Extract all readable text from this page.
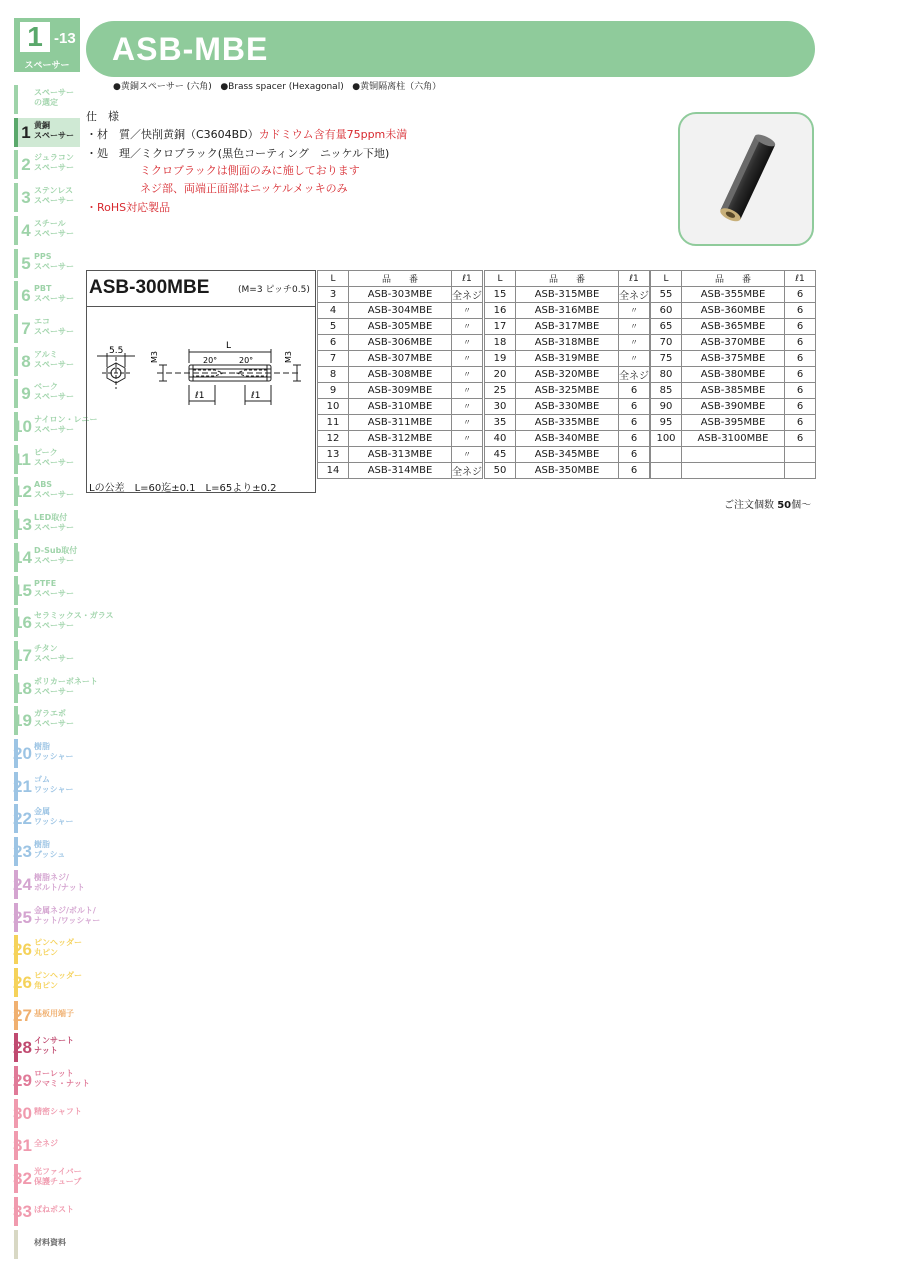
1 -13
スペーサー
スペーサー
の選定
1 黄銅
スペーサー
2 ジュラコン
スペーサー
3 ステンレス
スペーサー
4 スチール
スペーサー
5 PPS
スペーサー
6 PBT
スペーサー
7 エコ
スペーサー
8 アルミ
スペーサー
9 ベーク
スペーサー
10 ナイロン・レニー
スペーサー
11 ピーク
スペーサー
12 ABS
スペーサー
13 LED取付
スペーサー
14 D-Sub取付
スペーサー
15 PTFE
スペーサー
16 セラミックス・ガラス
スペーサー
17 チタン
スペーサー
18 ポリカーボネート
スペーサー
19 ガラエポ
スペーサー
20 樹脂
ワッシャー
21 ゴム
ワッシャー
22 金属
ワッシャー
23 樹脂
ブッシュ
24 樹脂ネジ/
ボルト/ナット
25 金属ネジ/ボルト/
ナット/ワッシャー
26 ピンヘッダー
丸ピン
26 ピンヘッダー
角ピン
27 基板用端子
28 インサート
ナット
29 ローレット
ツマミ・ナット
30 精密シャフト
31 全ネジ
32 光ファイバー
保護チューブ
33 ばねポスト
材料資料
ASB-MBE
●黄銅スペーサー (六角)   ●Brass spacer (Hexagonal)   ●黄铜隔离柱（六角）
仕　様
・材　質／快削黄銅（C3604BD）カドミウム含有量75ppm未満
・処　理／ミクロブラック(黒色コーティング　ニッケル下地)
ミクロブラックは側面のみに施しております
ネジ部、両端正面部はニッケルメッキのみ
・RoHS対応製品
ASB-300MBE	(M=3 ピッチ0.5)
5.5	L
M3	M3
20°	20°
ℓ1	ℓ1
Lの公差　L=60迄±0.1　L=65より±0.2
L	品　　番	ℓ1
3	ASB-303MBE	全ネジ
4	ASB-304MBE	〃
5	ASB-305MBE	〃
6	ASB-306MBE	〃
7	ASB-307MBE	〃
8	ASB-308MBE	〃
9	ASB-309MBE	〃
10	ASB-310MBE	〃
11	ASB-311MBE	〃
12	ASB-312MBE	〃
13	ASB-313MBE	〃
14	ASB-314MBE	全ネジ
L	品　　番	ℓ1
15	ASB-315MBE	全ネジ
16	ASB-316MBE	〃
17	ASB-317MBE	〃
18	ASB-318MBE	〃
19	ASB-319MBE	〃
20	ASB-320MBE	全ネジ
25	ASB-325MBE	6
30	ASB-330MBE	6
35	ASB-335MBE	6
40	ASB-340MBE	6
45	ASB-345MBE	6
50	ASB-350MBE	6
L	品　　番	ℓ1
55	ASB-355MBE	6
60	ASB-360MBE	6
65	ASB-365MBE	6
70	ASB-370MBE	6
75	ASB-375MBE	6
80	ASB-380MBE	6
85	ASB-385MBE	6
90	ASB-390MBE	6
95	ASB-395MBE	6
100	ASB-3100MBE	6

ご注文個数 50個〜
